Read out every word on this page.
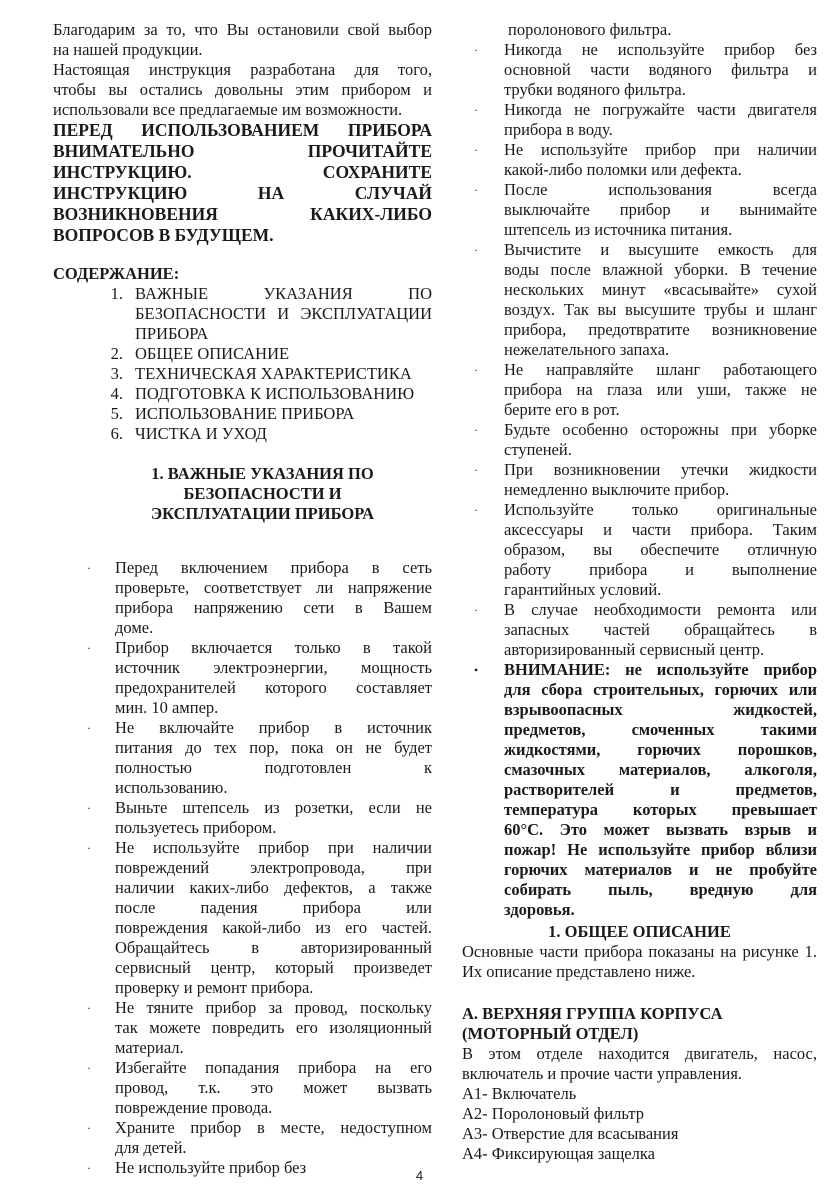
Благодарим за то, что Вы остановили свой выбор

на нашей продукции.

Настоящая инструкция разработана для того,

чтобы вы остались довольны этим прибором и

использовали все предлагаемые им возможности.

ПЕРЕД ИСПОЛЬЗОВАНИЕМ ПРИБОРА

ВНИМАТЕЛЬНО ПРОЧИТАЙТЕ

ИНСТРУКЦИЮ. СОХРАНИТЕ

ИНСТРУКЦИЮ НА СЛУЧАЙ

ВОЗНИКНОВЕНИЯ КАКИХ-ЛИБО

ВОПРОСОВ В БУДУЩЕМ.

СОДЕРЖАНИЕ:

1. ВАЖНЫЕ УКАЗАНИЯ ПО

БЕЗОПАСНОСТИ И ЭКСПЛУАТАЦИИ

ПРИБОРА

2. ОБЩЕЕ ОПИСАНИЕ
3. ТЕХНИЧЕСКАЯ ХАРАКТЕРИСТИКА
4. ПОДГОТОВКА К ИСПОЛЬЗОВАНИЮ
5. ИСПОЛЬЗОВАНИЕ ПРИБОРА
6. ЧИСТКА И УХОД

1. ВАЖНЫЕ УКАЗАНИЯ ПО

БЕЗОПАСНОСТИ И

ЭКСПЛУАТАЦИИ ПРИБОРА

·	Перед включением прибора в сеть

проверьте, соответствует ли напряжение

прибора напряжению сети в Вашем

доме.

·	Прибор включается только в такой

источник электроэнергии, мощность

предохранителей которого составляет

мин. 10 ампер.

·	Не включайте прибор в источник

питания до тех пор, пока он не будет

полностью подготовлен к

использованию.

·	Выньте штепсель из розетки, если не

пользуетесь прибором.

·	Не используйте прибор при наличии

повреждений электропровода, при

наличии каких-либо дефектов, а также

после падения прибора или

повреждения какой-либо из его частей.

Обращайтесь в авторизированный

сервисный центр, который произведет

проверку и ремонт прибора.

·	Не тяните прибор за провод, поскольку

так можете повредить его изоляционный

материал.

·	Избегайте попадания прибора на его

провод, т.к. это может вызвать

повреждение провода.

·	Храните прибор в месте, недоступном

для детей.

·	Не используйте прибор без

поролонового фильтра.

·	Никогда не используйте прибор без

основной части водяного фильтра и

трубки водяного фильтра.

·	Никогда не погружайте части двигателя

прибора в воду.

·	Не используйте прибор при наличии

какой-либо поломки или дефекта.

·	После использования всегда

выключайте прибор и вынимайте

штепсель из источника питания.

·	Вычистите и высушите емкость для

воды после влажной уборки. В течение

нескольких минут «всасывайте» сухой

воздух. Так вы высушите трубы и шланг

прибора, предотвратите возникновение

нежелательного запаха.

·	Не направляйте шланг работающего

прибора на глаза или уши, также не

берите его в рот.

·	Будьте особенно осторожны при уборке

ступеней.

·	При возникновении утечки жидкости

немедленно выключите прибор.

·	Используйте только оригинальные

аксессуары и части прибора. Таким

образом, вы обеспечите отличную

работу прибора и выполнение

гарантийных условий.

·	В случае необходимости ремонта или

запасных частей обращайтесь в

авторизированный сервисный центр.

•	ВНИМАНИЕ: не используйте прибор

для сбора строительных, горючих или

взрывоопасных жидкостей,

предметов, смоченных такими

жидкостями, горючих порошков,

смазочных материалов, алкоголя,

растворителей и предметов,

температура которых превышает

60°С. Это может вызвать взрыв и

пожар! Не используйте прибор вблизи

горючих материалов и не пробуйте

собирать пыль, вредную для

здоровья.

1. ОБЩЕЕ ОПИСАНИЕ

Основные части прибора показаны на рисунке 1.

Их описание представлено ниже.

А. ВЕРХНЯЯ ГРУППА КОРПУСА

(МОТОРНЫЙ ОТДЕЛ)

В этом отделе находится двигатель, насос,

включатель и прочие части управления.

А1- Включатель

А2- Поролоновый фильтр

А3- Отверстие для всасывания

А4- Фиксирующая защелка

4
